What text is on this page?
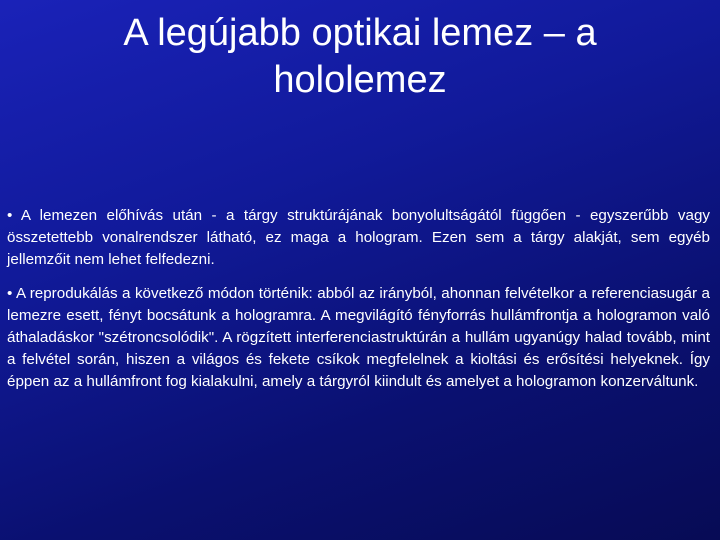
A legújabb optikai lemez – a hololemez

• A lemezen előhívás után - a tárgy struktúrájának bonyolultságától függően - egyszerűbb vagy összetettebb vonalrendszer látható, ez maga a hologram. Ezen sem a tárgy alakját, sem egyéb jellemzőit nem lehet felfedezni.

• A reprodukálás a következő módon történik: abból az irányból, ahonnan felvételkor a referenciasugár a lemezre esett, fényt bocsátunk a hologramra. A megvilágító fényforrás hullámfrontja a hologramon való áthaladáskor "szétroncsolódik". A rögzített interferenciastruktúrán a hullám ugyanúgy halad tovább, mint a felvétel során, hiszen a világos és fekete csíkok megfelelnek a kioltási és erősítési helyeknek. Így éppen az a hullámfront fog kialakulni, amely a tárgyról kiindult és amelyet a hologramon konzerváltunk.
